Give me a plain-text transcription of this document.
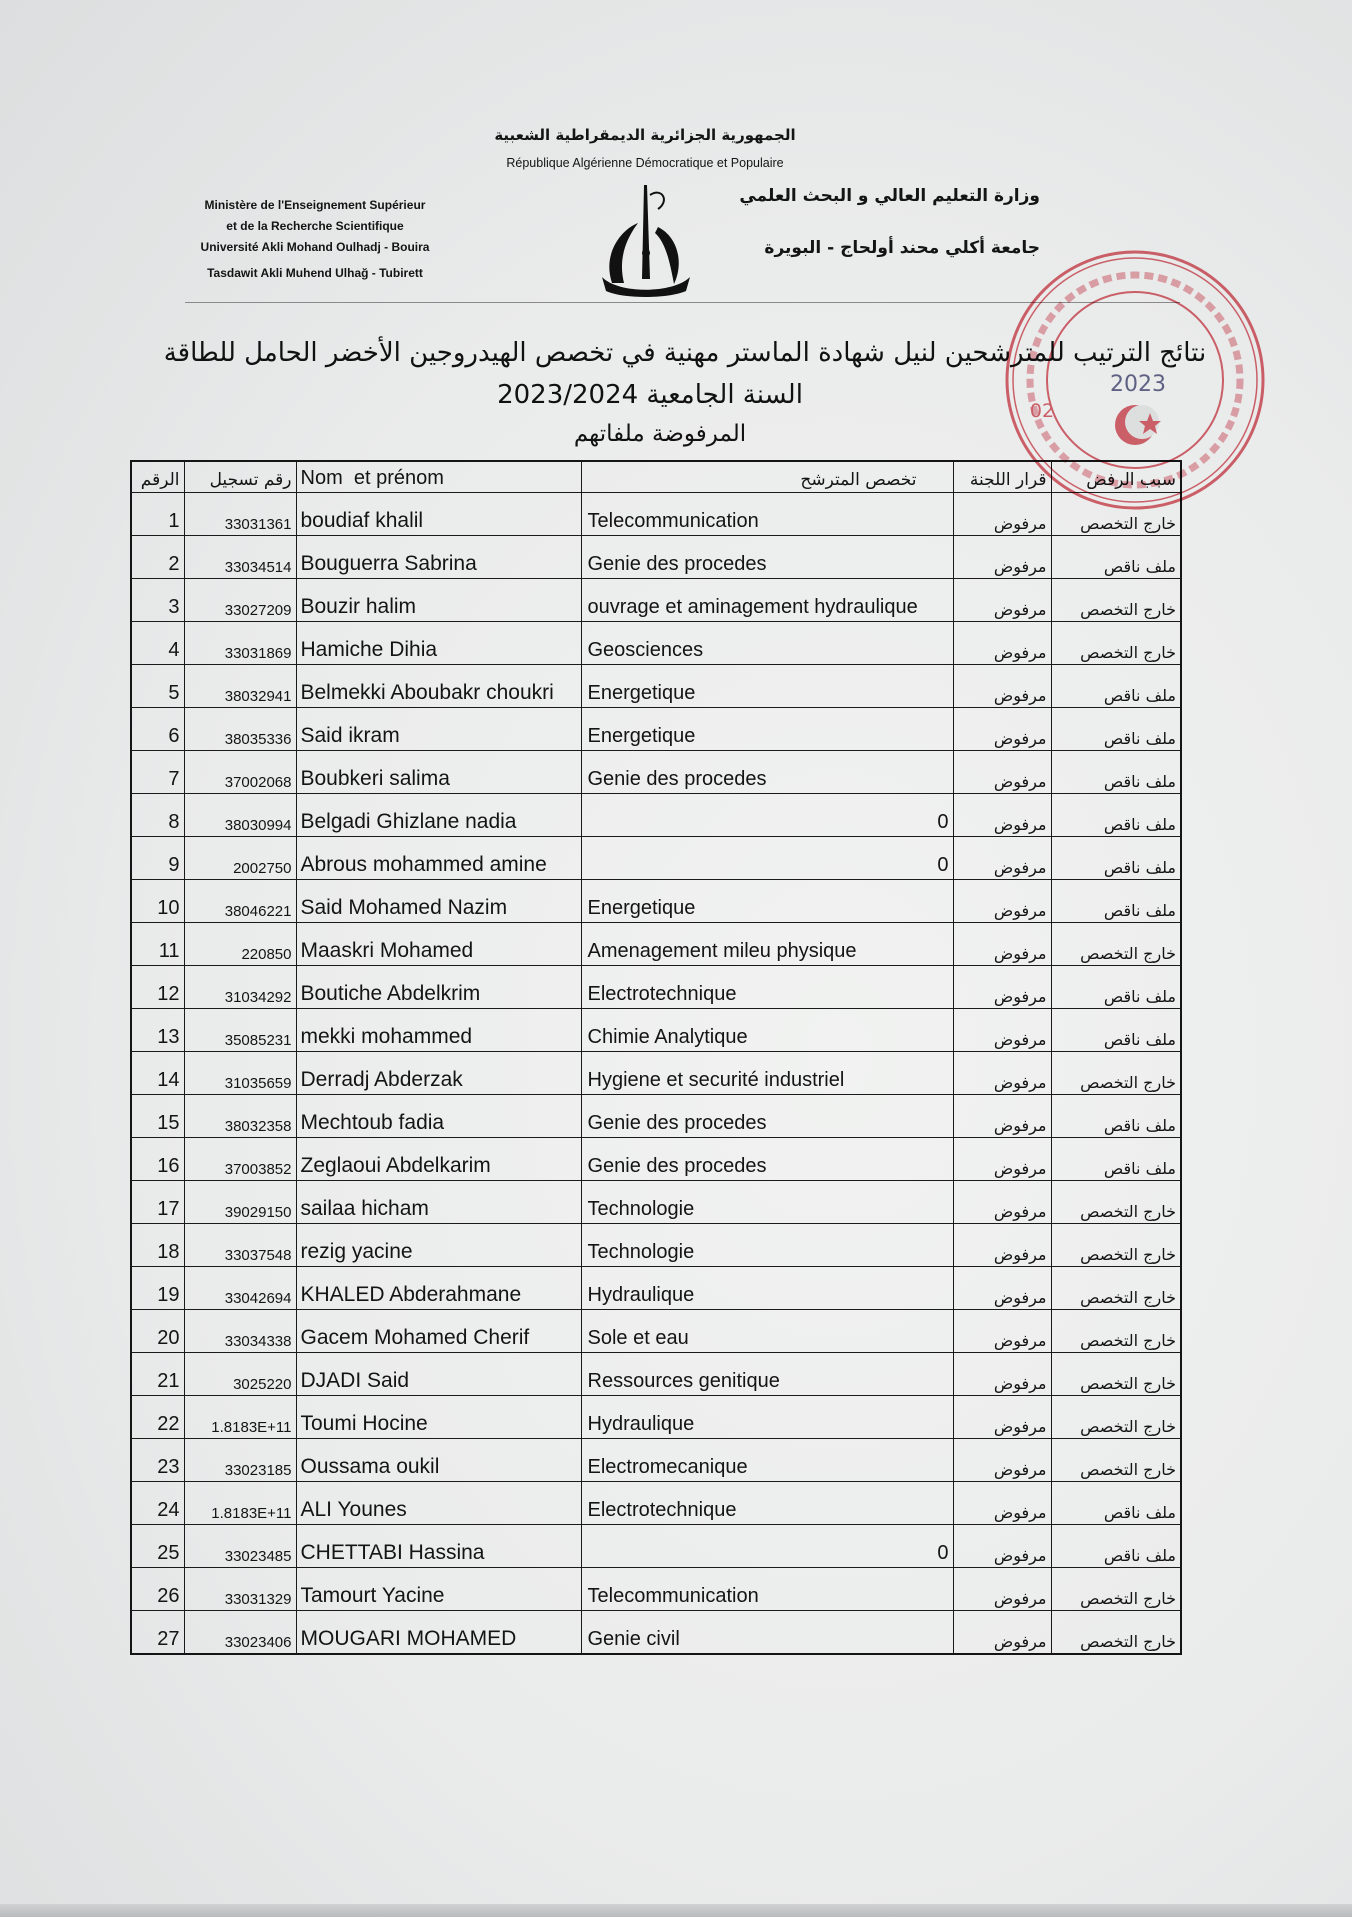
الجمهورية الجزائرية الديمقراطية الشعبية
République Algérienne Démocratique et Populaire
Ministère de l'Enseignement Supérieur
et de la Recherche Scientifique
Université Akli Mohand Oulhadj - Bouira
Tasdawit Akli Muhend Ulhağ - Tubirett
وزارة التعليم العالي و البحث العلمي
جامعة أكلي محند أولحاج - البويرة
نتائج الترتيب للمترشحين لنيل شهادة الماستر مهنية في تخصص الهيدروجين الأخضر الحامل للطاقة
السنة الجامعية 2023/2024
المرفوضة ملفاتهم
الرقم	رقم تسجيل	Nom  et prénom	تخصص المترشح	قرار اللجنة	سبب الرفض
1	33031361	boudiaf khalil	Telecommunication	مرفوض	خارج التخصص
2	33034514	Bouguerra Sabrina	Genie des procedes	مرفوض	ملف ناقص
3	33027209	Bouzir halim	ouvrage et aminagement hydraulique	مرفوض	خارج التخصص
4	33031869	Hamiche Dihia	Geosciences	مرفوض	خارج التخصص
5	38032941	Belmekki Aboubakr choukri	Energetique	مرفوض	ملف ناقص
6	38035336	Said ikram	Energetique	مرفوض	ملف ناقص
7	37002068	Boubkeri salima	Genie des procedes	مرفوض	ملف ناقص
8	38030994	Belgadi Ghizlane nadia	0	مرفوض	ملف ناقص
9	2002750	Abrous mohammed amine	0	مرفوض	ملف ناقص
10	38046221	Said Mohamed Nazim	Energetique	مرفوض	ملف ناقص
11	220850	Maaskri Mohamed	Amenagement mileu physique	مرفوض	خارج التخصص
12	31034292	Boutiche Abdelkrim	Electrotechnique	مرفوض	ملف ناقص
13	35085231	mekki mohammed	Chimie Analytique	مرفوض	ملف ناقص
14	31035659	Derradj Abderzak	Hygiene et securité industriel	مرفوض	خارج التخصص
15	38032358	Mechtoub fadia	Genie des procedes	مرفوض	ملف ناقص
16	37003852	Zeglaoui Abdelkarim	Genie des procedes	مرفوض	ملف ناقص
17	39029150	sailaa hicham	Technologie	مرفوض	خارج التخصص
18	33037548	rezig yacine	Technologie	مرفوض	خارج التخصص
19	33042694	KHALED Abderahmane	Hydraulique	مرفوض	خارج التخصص
20	33034338	Gacem Mohamed Cherif	Sole et eau	مرفوض	خارج التخصص
21	3025220	DJADI Said	Ressources genitique	مرفوض	خارج التخصص
22	1.8183E+11	Toumi Hocine	Hydraulique	مرفوض	خارج التخصص
23	33023185	Oussama oukil	Electromecanique	مرفوض	خارج التخصص
24	1.8183E+11	ALI Younes	Electrotechnique	مرفوض	ملف ناقص
25	33023485	CHETTABI Hassina	0	مرفوض	ملف ناقص
26	33031329	Tamourt Yacine	Telecommunication	مرفوض	خارج التخصص
27	33023406	MOUGARI MOHAMED	Genie civil	مرفوض	خارج التخصص
2023
02
